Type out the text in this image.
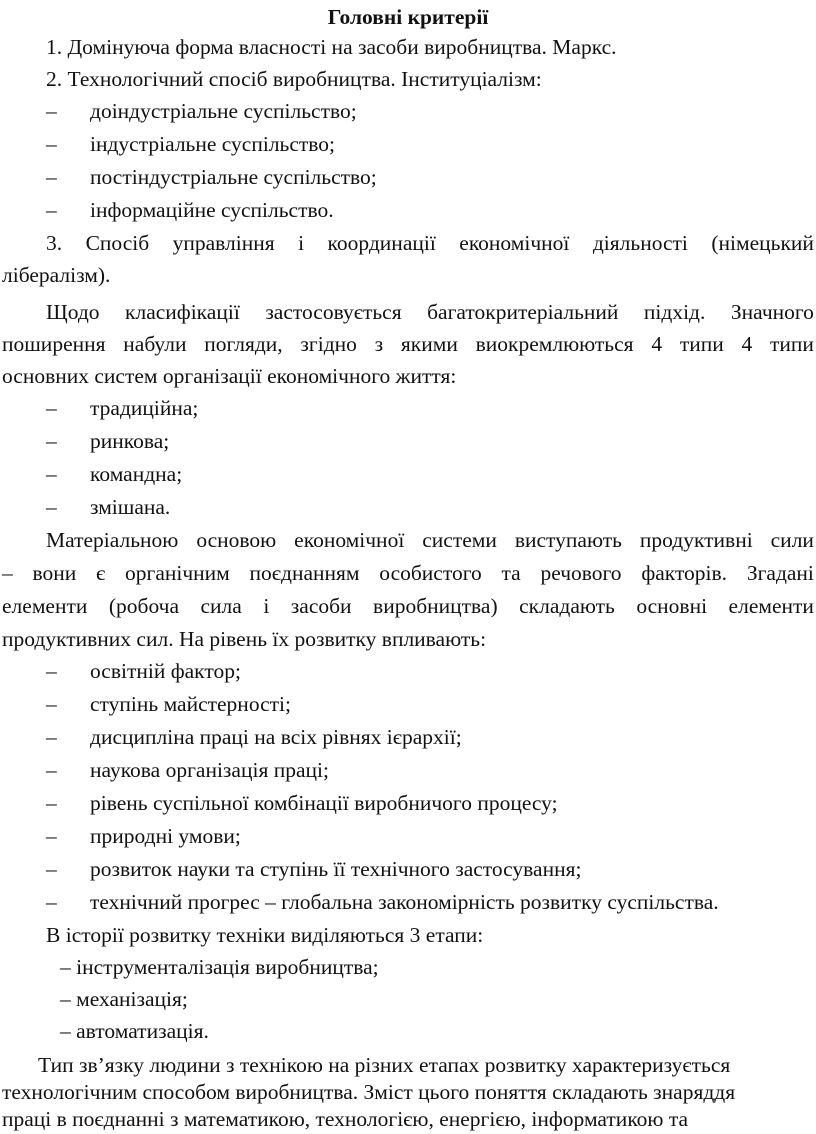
Головні критерії
1. Домінуюча форма власності на засоби виробництва. Маркс.
2. Технологічний спосіб виробництва. Інституціалізм:
– доіндустріальне суспільство;
– індустріальне суспільство;
– постіндустріальне суспільство;
– інформаційне суспільство.
3. Спосіб управління і координації економічної діяльності (німецький
лібералізм).
Щодо класифікації застосовується багатокритеріальний підхід. Значного
поширення набули погляди, згідно з якими виокремлюються 4 типи 4 типи
основних систем організації економічного життя:
– традиційна;
– ринкова;
– командна;
– змішана.
Матеріальною основою економічної системи виступають продуктивні сили
– вони є органічним поєднанням особистого та речового факторів. Згадані
елементи (робоча сила і засоби виробництва) складають основні елементи
продуктивних сил. На рівень їх розвитку впливають:
– освітній фактор;
– ступінь майстерності;
– дисципліна праці на всіх рівнях ієрархії;
– наукова організація праці;
– рівень суспільної комбінації виробничого процесу;
– природні умови;
– розвиток науки та ступінь її технічного застосування;
– технічний прогрес – глобальна закономірність розвитку суспільства.
В історії розвитку техніки виділяються 3 етапи:
– інструменталізація виробництва;
– механізація;
– автоматизація.
Тип зв’язку людини з технікою на різних етапах розвитку характеризується
технологічним способом виробництва. Зміст цього поняття складають знаряддя
праці в поєднанні з математикою, технологією, енергією, інформатикою та
